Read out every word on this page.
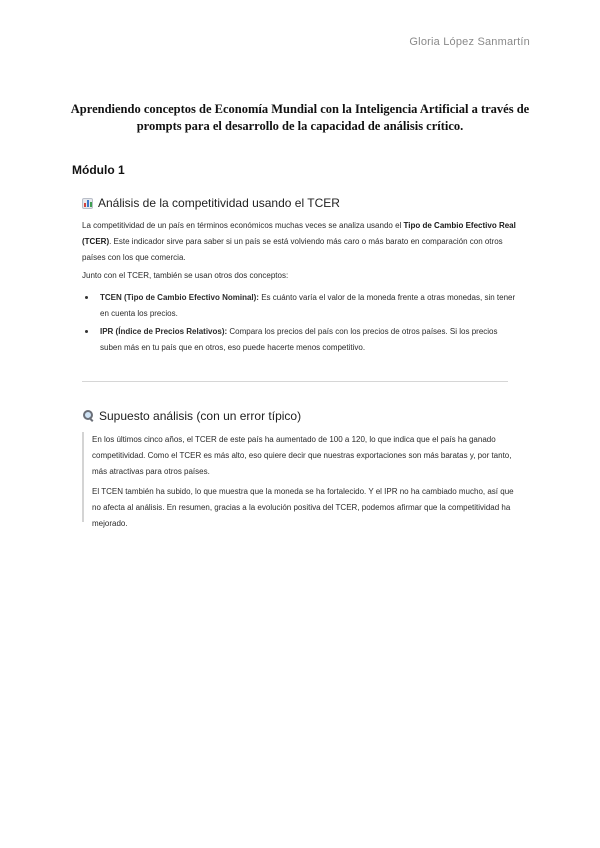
Gloria López Sanmartín
Aprendiendo conceptos de Economía Mundial con la Inteligencia Artificial a través de prompts para el desarrollo de la capacidad de análisis crítico.
Módulo 1
Análisis de la competitividad usando el TCER
La competitividad de un país en términos económicos muchas veces se analiza usando el Tipo de Cambio Efectivo Real (TCER). Este indicador sirve para saber si un país se está volviendo más caro o más barato en comparación con otros países con los que comercia.
Junto con el TCER, también se usan otros dos conceptos:
TCEN (Tipo de Cambio Efectivo Nominal): Es cuánto varía el valor de la moneda frente a otras monedas, sin tener en cuenta los precios.
IPR (Índice de Precios Relativos): Compara los precios del país con los precios de otros países. Si los precios suben más en tu país que en otros, eso puede hacerte menos competitivo.
Supuesto análisis (con un error típico)
En los últimos cinco años, el TCER de este país ha aumentado de 100 a 120, lo que indica que el país ha ganado competitividad. Como el TCER es más alto, eso quiere decir que nuestras exportaciones son más baratas y, por tanto, más atractivas para otros países.
El TCEN también ha subido, lo que muestra que la moneda se ha fortalecido. Y el IPR no ha cambiado mucho, así que no afecta al análisis. En resumen, gracias a la evolución positiva del TCER, podemos afirmar que la competitividad ha mejorado.
